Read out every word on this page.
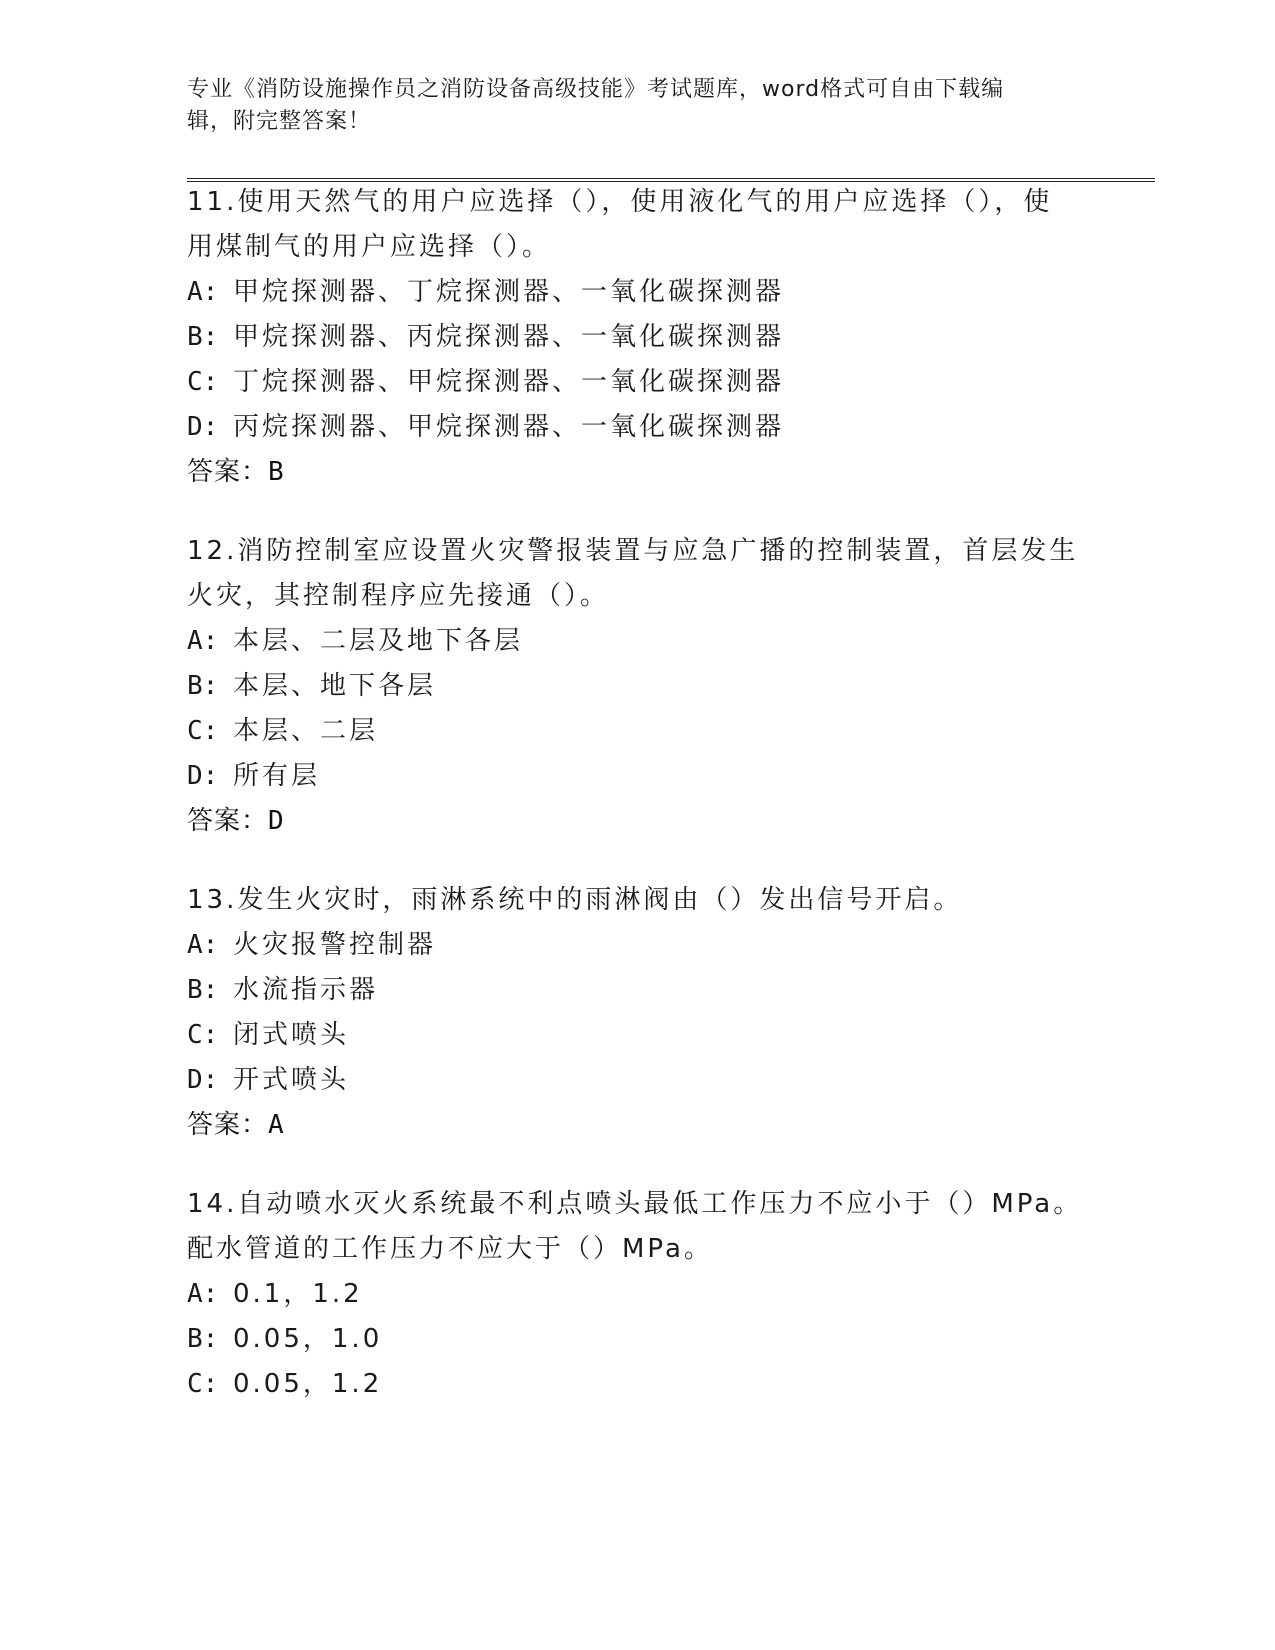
专业《消防设施操作员之消防设备高级技能》考试题库，word格式可自由下载编
辑，附完整答案！
11.使用天然气的用户应选择（），使用液化气的用户应选择（），使
用煤制气的用户应选择（）。
A: 甲烷探测器、丁烷探测器、一氧化碳探测器
B: 甲烷探测器、丙烷探测器、一氧化碳探测器
C: 丁烷探测器、甲烷探测器、一氧化碳探测器
D: 丙烷探测器、甲烷探测器、一氧化碳探测器
答案：B
12.消防控制室应设置火灾警报装置与应急广播的控制装置，首层发生
火灾，其控制程序应先接通（）。
A: 本层、二层及地下各层
B: 本层、地下各层
C: 本层、二层
D: 所有层
答案：D
13.发生火灾时，雨淋系统中的雨淋阀由（）发出信号开启。
A: 火灾报警控制器
B: 水流指示器
C: 闭式喷头
D: 开式喷头
答案：A
14.自动喷水灭火系统最不利点喷头最低工作压力不应小于（）MPa。
配水管道的工作压力不应大于（）MPa。
A: 0.1，1.2
B: 0.05，1.0
C: 0.05，1.2
